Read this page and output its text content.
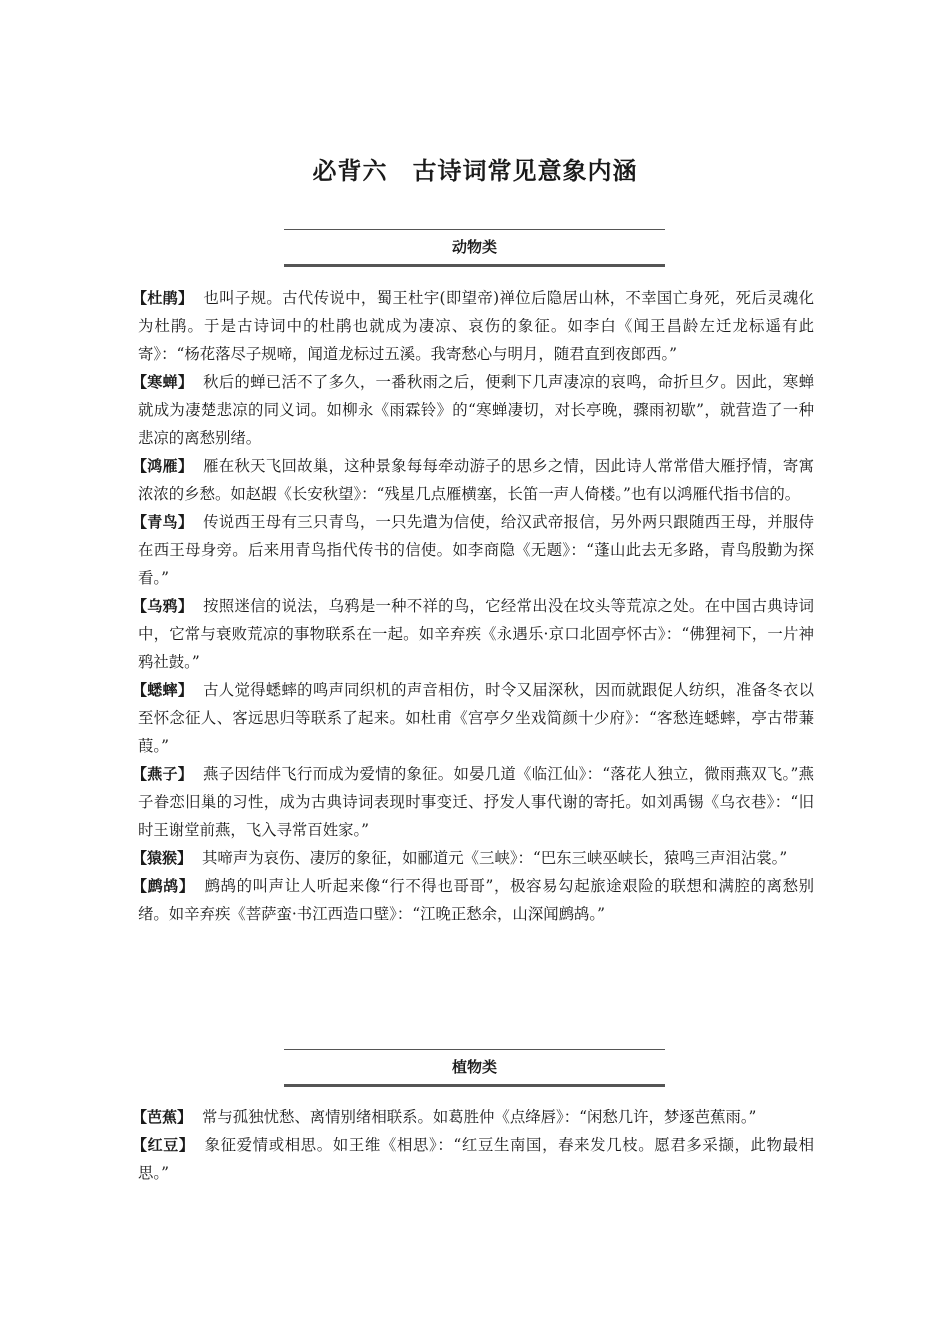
必背六　古诗词常见意象内涵
动物类

【杜鹃】 也叫子规。古代传说中，蜀王杜宇(即望帝)禅位后隐居山林，不幸国亡身死，死后灵魂化为杜鹃。于是古诗词中的杜鹃也就成为凄凉、哀伤的象征。如李白《闻王昌龄左迁龙标遥有此寄》：“杨花落尽子规啼，闻道龙标过五溪。我寄愁心与明月，随君直到夜郎西。”

【寒蝉】 秋后的蝉已活不了多久，一番秋雨之后，便剩下几声凄凉的哀鸣，命折旦夕。因此，寒蝉就成为凄楚悲凉的同义词。如柳永《雨霖铃》的“寒蝉凄切，对长亭晚，骤雨初歇”，就营造了一种悲凉的离愁别绪。

【鸿雁】 雁在秋天飞回故巢，这种景象每每牵动游子的思乡之情，因此诗人常常借大雁抒情，寄寓浓浓的乡愁。如赵嘏《长安秋望》：“残星几点雁横塞，长笛一声人倚楼。”也有以鸿雁代指书信的。

【青鸟】 传说西王母有三只青鸟，一只先遣为信使，给汉武帝报信，另外两只跟随西王母，并服侍在西王母身旁。后来用青鸟指代传书的信使。如李商隐《无题》：“蓬山此去无多路，青鸟殷勤为探看。”

【乌鸦】 按照迷信的说法，乌鸦是一种不祥的鸟，它经常出没在坟头等荒凉之处。在中国古典诗词中，它常与衰败荒凉的事物联系在一起。如辛弃疾《永遇乐·京口北固亭怀古》：“佛狸祠下，一片神鸦社鼓。”

【蟋蟀】 古人觉得蟋蟀的鸣声同织机的声音相仿，时令又届深秋，因而就跟促人纺织，准备冬衣以至怀念征人、客远思归等联系了起来。如杜甫《宫亭夕坐戏简颜十少府》：“客愁连蟋蟀，亭古带蒹葭。”

【燕子】 燕子因结伴飞行而成为爱情的象征。如晏几道《临江仙》：“落花人独立，微雨燕双飞。”燕子眷恋旧巢的习性，成为古典诗词表现时事变迁、抒发人事代谢的寄托。如刘禹锡《乌衣巷》：“旧时王谢堂前燕，飞入寻常百姓家。”

【猿猴】 其啼声为哀伤、凄厉的象征，如郦道元《三峡》：“巴东三峡巫峡长，猿鸣三声泪沾裳。”

【鹧鸪】 鹧鸪的叫声让人听起来像“行不得也哥哥”，极容易勾起旅途艰险的联想和满腔的离愁别绪。如辛弃疾《菩萨蛮·书江西造口壁》：“江晚正愁余，山深闻鹧鸪。”

植物类

【芭蕉】 常与孤独忧愁、离情别绪相联系。如葛胜仲《点绛唇》：“闲愁几许，梦逐芭蕉雨。”

【红豆】 象征爱情或相思。如王维《相思》：“红豆生南国，春来发几枝。愿君多采撷，此物最相思。”
